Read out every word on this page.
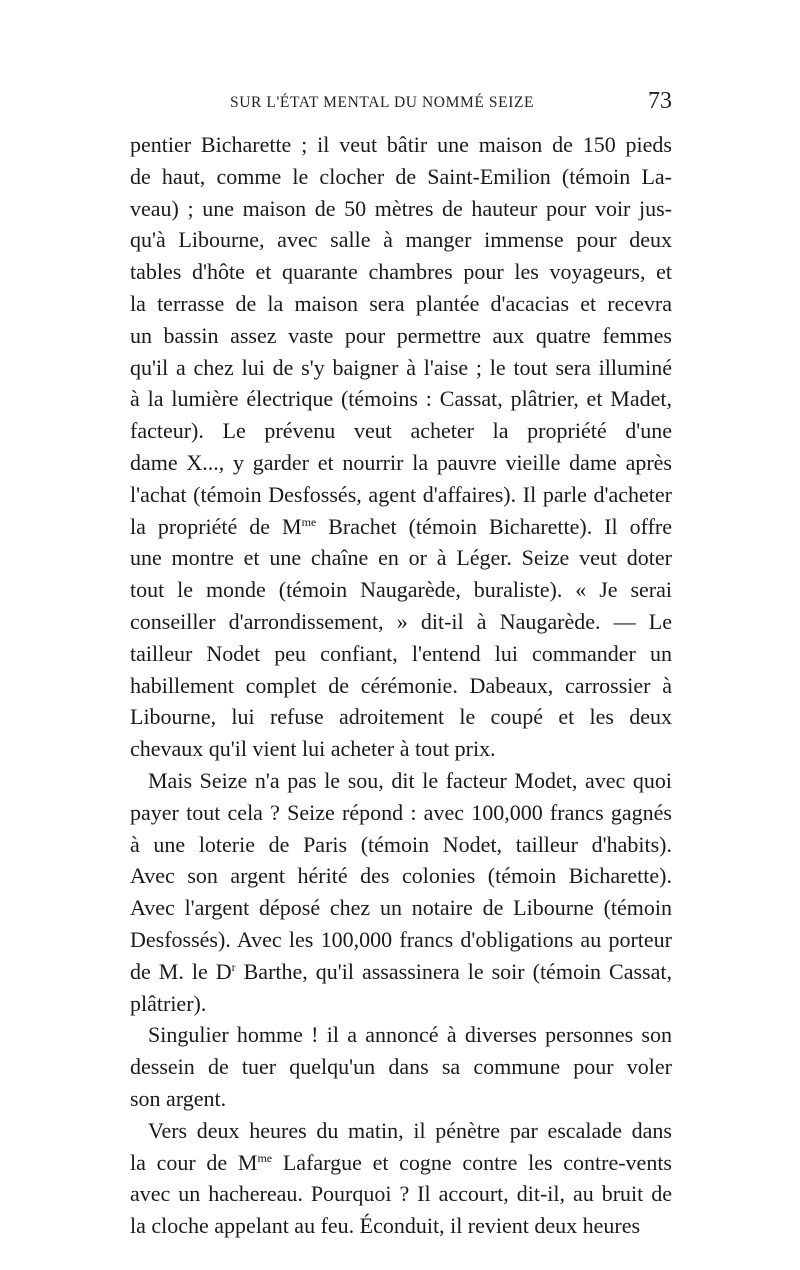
SUR L'ÉTAT MENTAL DU NOMMÉ SEIZE	73
pentier Bicharette ; il veut bâtir une maison de 150 pieds
de haut, comme le clocher de Saint-Emilion (témoin La-
veau) ; une maison de 50 mètres de hauteur pour voir jus-
qu'à Libourne, avec salle à manger immense pour deux
tables d'hôte et quarante chambres pour les voyageurs, et
la terrasse de la maison sera plantée d'acacias et recevra
un bassin assez vaste pour permettre aux quatre femmes
qu'il a chez lui de s'y baigner à l'aise ; le tout sera illuminé
à la lumière électrique (témoins : Cassat, plâtrier, et Madet,
facteur). Le prévenu veut acheter la propriété d'une
dame X..., y garder et nourrir la pauvre vieille dame après
l'achat (témoin Desfossés, agent d'affaires). Il parle d'acheter
la propriété de $M^{me}$ Brachet (témoin Bicharette). Il offre
une montre et une chaîne en or à Léger. Seize veut doter
tout le monde (témoin Naugarède, buraliste). « Je serai
conseiller d'arrondissement, » dit-il à Naugarède. — Le
tailleur Nodet peu confiant, l'entend lui commander un
habillement complet de cérémonie. Dabeaux, carrossier à
Libourne, lui refuse adroitement le coupé et les deux
chevaux qu'il vient lui acheter à tout prix.
Mais Seize n'a pas le sou, dit le facteur Modet, avec quoi
payer tout cela ? Seize répond : avec 100,000 francs gagnés
à une loterie de Paris (témoin Nodet, tailleur d'habits).
Avec son argent hérité des colonies (témoin Bicharette).
Avec l'argent déposé chez un notaire de Libourne (témoin
Desfossés). Avec les 100,000 francs d'obligations au porteur
de M. le $D^r$ Barthe, qu'il assassinera le soir (témoin Cassat,
plâtrier).
Singulier homme ! il a annoncé à diverses personnes son
dessein de tuer quelqu'un dans sa commune pour voler
son argent.
Vers deux heures du matin, il pénètre par escalade dans
la cour de $M^{me}$ Lafargue et cogne contre les contre-vents
avec un hachereau. Pourquoi ? Il accourt, dit-il, au bruit de
la cloche appelant au feu. Éconduit, il revient deux heures
